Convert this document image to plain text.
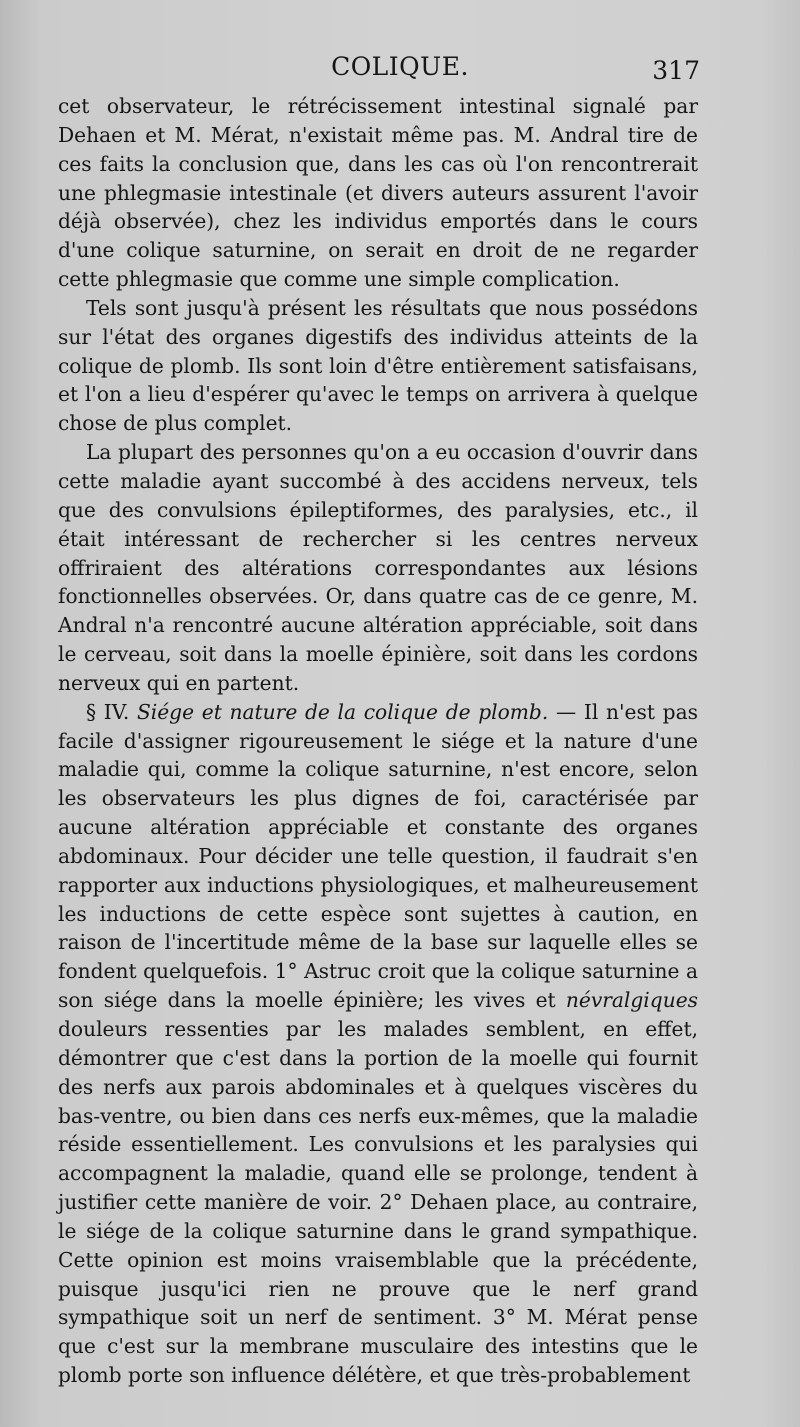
COLIQUE.	317

cet observateur, le rétrécissement intestinal signalé par Dehaen et M. Mérat, n'existait même pas. M. Andral tire de ces faits la conclusion que, dans les cas où l'on rencontrerait une phlegmasie intestinale (et divers auteurs assurent l'avoir déjà observée), chez les individus emportés dans le cours d'une colique saturnine, on serait en droit de ne regarder cette phlegmasie que comme une simple complication.

Tels sont jusqu'à présent les résultats que nous possédons sur l'état des organes digestifs des individus atteints de la colique de plomb. Ils sont loin d'être entièrement satisfaisans, et l'on a lieu d'espérer qu'avec le temps on arrivera à quelque chose de plus complet.

La plupart des personnes qu'on a eu occasion d'ouvrir dans cette maladie ayant succombé à des accidens nerveux, tels que des convulsions épileptiformes, des paralysies, etc., il était intéressant de rechercher si les centres nerveux offriraient des altérations correspondantes aux lésions fonctionnelles observées. Or, dans quatre cas de ce genre, M. Andral n'a rencontré aucune altération appréciable, soit dans le cerveau, soit dans la moelle épinière, soit dans les cordons nerveux qui en partent.

§ IV. Siége et nature de la colique de plomb. — Il n'est pas facile d'assigner rigoureusement le siége et la nature d'une maladie qui, comme la colique saturnine, n'est encore, selon les observateurs les plus dignes de foi, caractérisée par aucune altération appréciable et constante des organes abdominaux. Pour décider une telle question, il faudrait s'en rapporter aux inductions physiologiques, et malheureusement les inductions de cette espèce sont sujettes à caution, en raison de l'incertitude même de la base sur laquelle elles se fondent quelquefois. 1° Astruc croit que la colique saturnine a son siége dans la moelle épinière; les vives et névralgiques douleurs ressenties par les malades semblent, en effet, démontrer que c'est dans la portion de la moelle qui fournit des nerfs aux parois abdominales et à quelques viscères du bas-ventre, ou bien dans ces nerfs eux-mêmes, que la maladie réside essentiellement. Les convulsions et les paralysies qui accompagnent la maladie, quand elle se prolonge, tendent à justifier cette manière de voir. 2° Dehaen place, au contraire, le siége de la colique saturnine dans le grand sympathique. Cette opinion est moins vraisemblable que la précédente, puisque jusqu'ici rien ne prouve que le nerf grand sympathique soit un nerf de sentiment. 3° M. Mérat pense que c'est sur la membrane musculaire des intestins que le plomb porte son influence délétère, et que très-probablement
